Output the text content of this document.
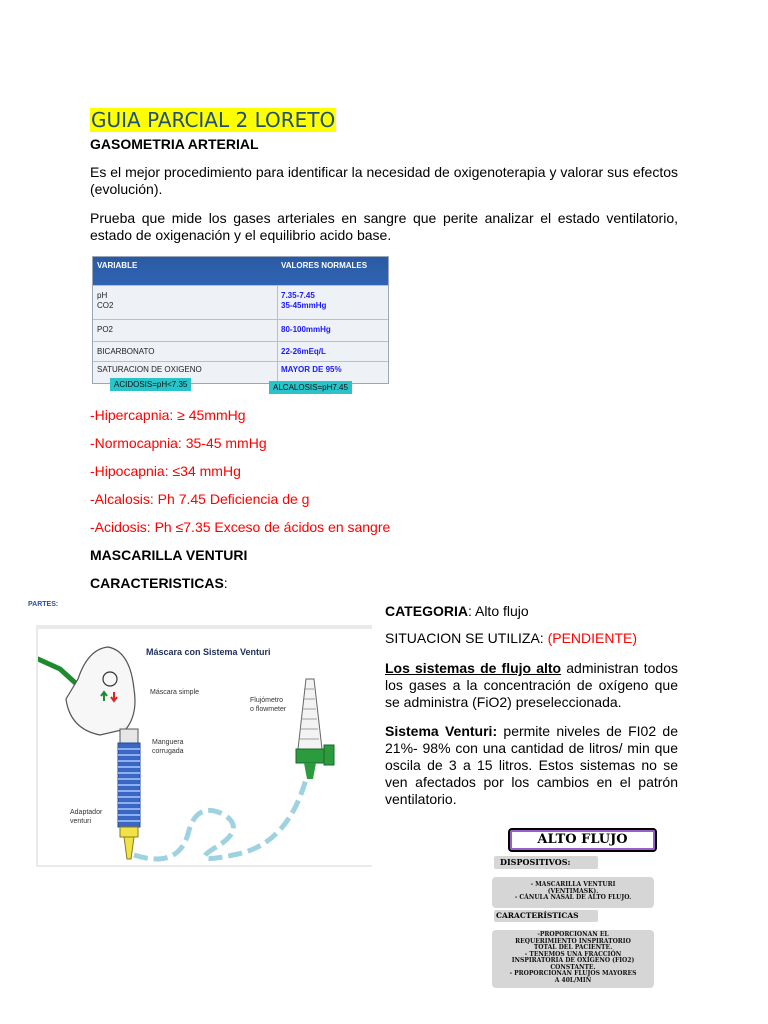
GUIA PARCIAL 2 LORETO
GASOMETRIA ARTERIAL
Es el mejor procedimiento para identificar la necesidad de oxigenoterapia y valorar sus efectos (evolución).
Prueba que mide los gases arteriales en sangre que perite analizar el estado ventilatorio, estado de oxigenación y el equilibrio acido base.
VARIABLE	VALORES NORMALES
pH	7.35-7.45
CO2	35-45mmHg
PO2	80-100mmHg
BICARBONATO	22-26mEq/L
SATURACION DE OXIGENO	MAYOR DE 95%
ACIDOSIS=pH<7.35	ALCALOSIS=pH7.45
-Hipercapnia: ≥ 45mmHg
-Normocapnia: 35-45 mmHg
-Hipocapnia: ≤34 mmHg
-Alcalosis: Ph 7.45 Deficiencia de g
-Acidosis: Ph ≤7.35 Exceso de ácidos en sangre
MASCARILLA VENTURI
CARACTERISTICAS:
PARTES:
Máscara con Sistema Venturi
Máscara simple
Manguera
corrugada
Adaptador
venturi
Flujómetro
o flowmeter
CATEGORIA: Alto flujo
SITUACION SE UTILIZA: (PENDIENTE)
Los sistemas de flujo alto administran todos los gases a la concentración de oxígeno que se administra (FiO2) preseleccionada.
Sistema Venturi: permite niveles de FI02 de 21%- 98% con una cantidad de litros/ min que oscila de 3 a 15 litros. Estos sistemas no se ven afectados por los cambios en el patrón ventilatorio.
ALTO FLUJO
DISPOSITIVOS:
- MASCARILLA VENTURI
(VENTIMASK).
- CÁNULA NASAL DE ALTO FLUJO.
CARACTERÍSTICAS
-PROPORCIONAN EL
REQUERIMIENTO INSPIRATORIO
TOTAL DEL PACIENTE.
- TENEMOS UNA FRACCIÓN
INSPIRATORIA DE OXÍGENO (FIO2)
CONSTANTE.
- PROPORCIONAN FLUJOS MAYORES
A 40L/MIN
